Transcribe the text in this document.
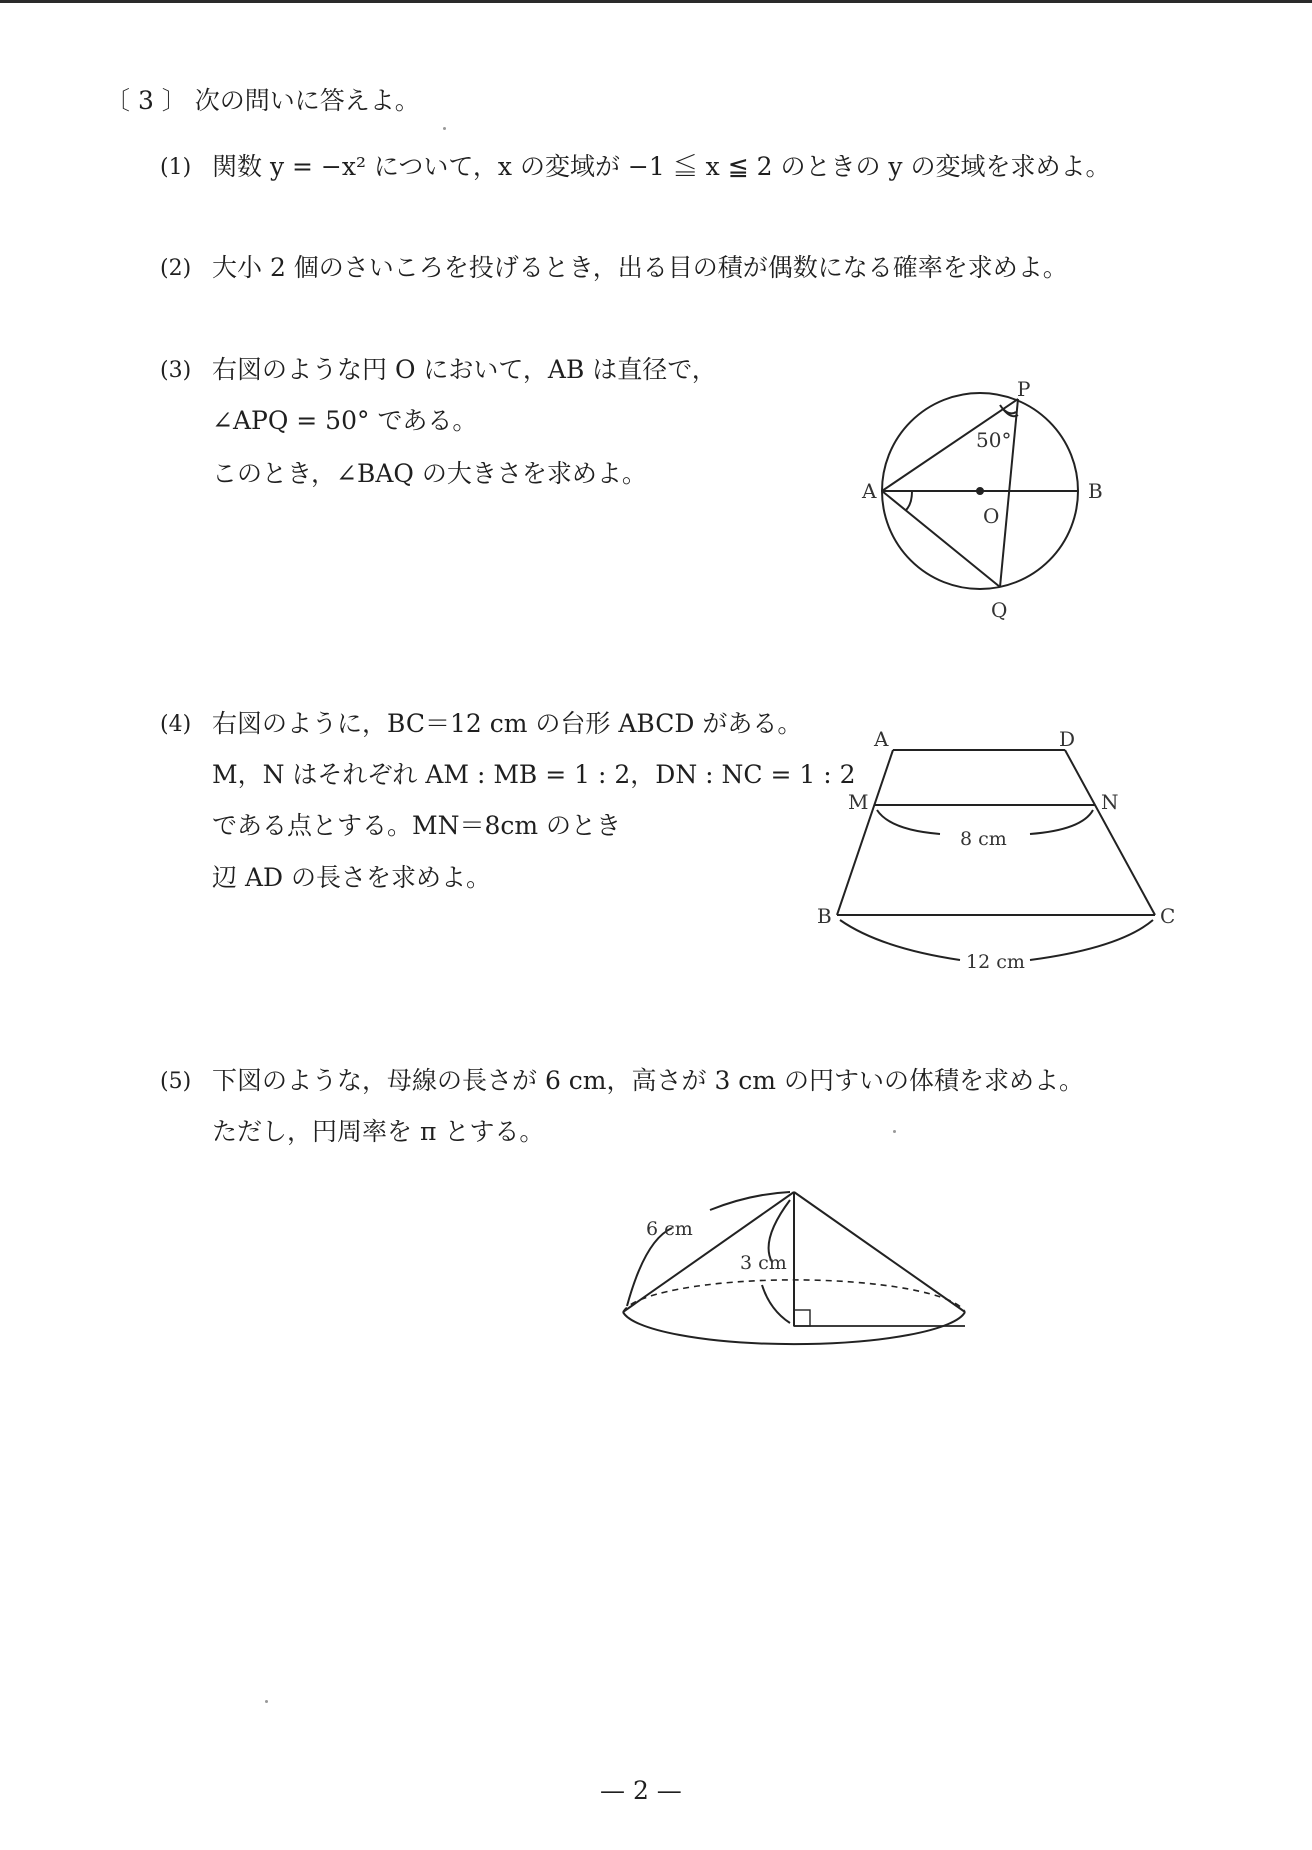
〔 3 〕 次の問いに答えよ。
(1) 関数 y = −x² について，x の変域が −1 ≦ x ≦ 2 のときの y の変域を求めよ。
(2) 大小 2 個のさいころを投げるとき，出る目の積が偶数になる確率を求めよ。
(3) 右図のような円 O において，AB は直径で，
∠APQ = 50° である。
このとき，∠BAQ の大きさを求めよ。
P
50°
A	B
O
Q
(4) 右図のように，BC＝12 cm の台形 ABCD がある。
M，N はそれぞれ AM : MB = 1 : 2，DN : NC = 1 : 2
である点とする。MN＝8cm のとき
辺 AD の長さを求めよ。
A	D
M	N
B	C
8 cm
12 cm
(5) 下図のような，母線の長さが 6 cm，高さが 3 cm の円すいの体積を求めよ。
ただし，円周率を π とする。
6 cm
3 cm
— 2 —
